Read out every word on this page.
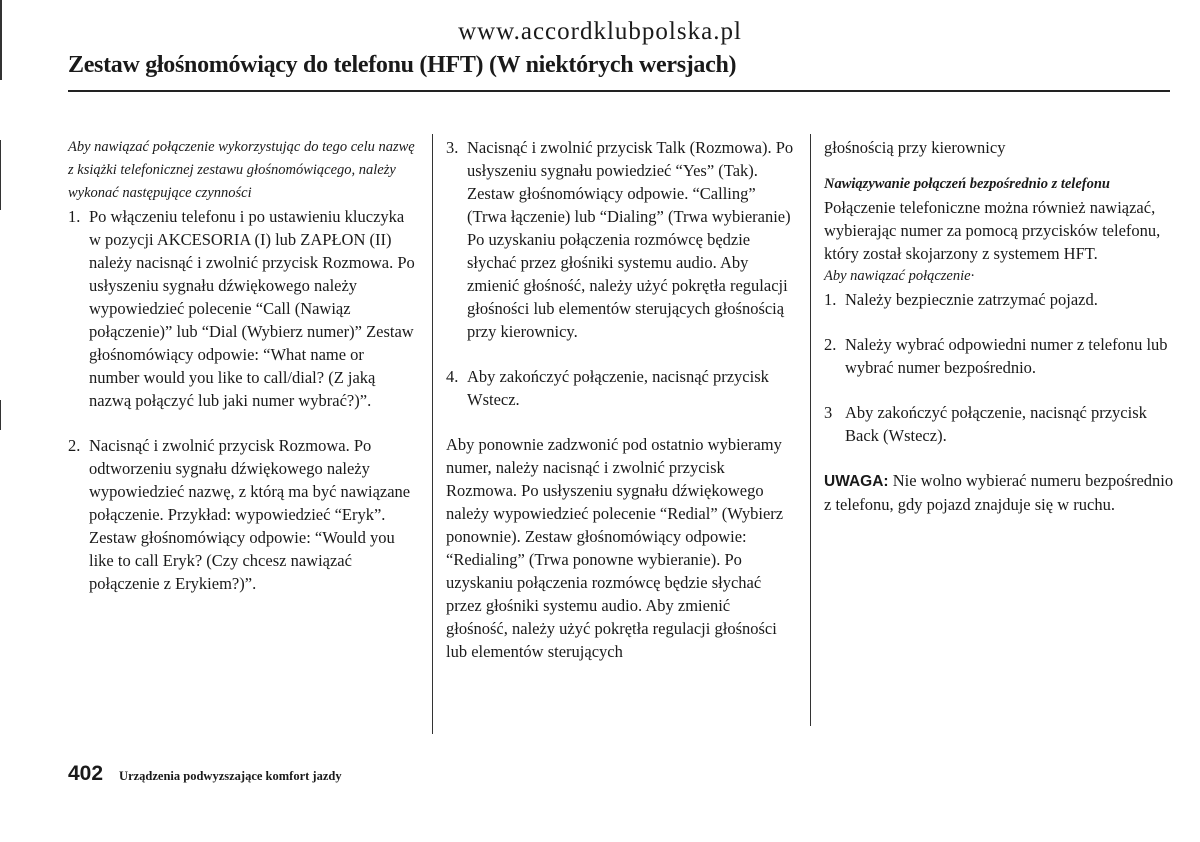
www.accordklubpolska.pl
Zestaw głośnomówiący do telefonu (HFT) (W niektórych wersjach)
Aby nawiązać połączenie wykorzystując do tego celu nazwę z książki telefonicznej zestawu głośnomówiącego, należy wykonać następujące czynności
1. Po włączeniu telefonu i po ustawieniu kluczyka w pozycji AKCESORIA (I) lub ZAPŁON (II) należy nacisnąć i zwolnić przycisk Rozmowa. Po usłyszeniu sygnału dźwiękowego należy wypowiedzieć polecenie “Call (Nawiąz połączenie)” lub “Dial (Wybierz numer)” Zestaw głośnomówiący odpowie: “What name or number would you like to call/dial? (Z jaką nazwą połączyć lub jaki numer wybrać?)”.
2. Nacisnąć i zwolnić przycisk Rozmowa. Po odtworzeniu sygnału dźwiękowego należy wypowiedzieć nazwę, z którą ma być nawiązane połączenie. Przykład: wypowiedzieć “Eryk”. Zestaw głośnomówiący odpowie: “Would you like to call Eryk? (Czy chcesz nawiązać połączenie z Erykiem?)”.
3. Nacisnąć i zwolnić przycisk Talk (Rozmowa). Po usłyszeniu sygnału powiedzieć “Yes” (Tak). Zestaw głośnomówiący odpowie. “Calling” (Trwa łączenie) lub “Dialing” (Trwa wybieranie) Po uzyskaniu połączenia rozmówcę będzie słychać przez głośniki systemu audio. Aby zmienić głośność, należy użyć pokrętła regulacji głośności lub elementów sterujących głośnością przy kierownicy.
4. Aby zakończyć połączenie, nacisnąć przycisk Wstecz.
Aby ponownie zadzwonić pod ostatnio wybieramy numer, należy nacisnąć i zwolnić przycisk Rozmowa. Po usłyszeniu sygnału dźwiękowego należy wypowiedzieć polecenie “Redial” (Wybierz ponownie). Zestaw głośnomówiący odpowie: “Redialing” (Trwa ponowne wybieranie). Po uzyskaniu połączenia rozmówcę będzie słychać przez głośniki systemu audio. Aby zmienić głośność, należy użyć pokrętła regulacji głośności lub elementów sterujących
głośnością przy kierownicy
Nawiązywanie połączeń bezpośrednio z telefonu
Połączenie telefoniczne można również nawiązać, wybierając numer za pomocą przycisków telefonu, który został skojarzony z systemem HFT.
Aby nawiązać połączenie·
1. Należy bezpiecznie zatrzymać pojazd.
2. Należy wybrać odpowiedni numer z telefonu lub wybrać numer bezpośrednio.
3 Aby zakończyć połączenie, nacisnąć przycisk Back (Wstecz).
UWAGA: Nie wolno wybierać numeru bezpośrednio z telefonu, gdy pojazd znajduje się w ruchu.
402 Urządzenia podwyzszające komfort jazdy
